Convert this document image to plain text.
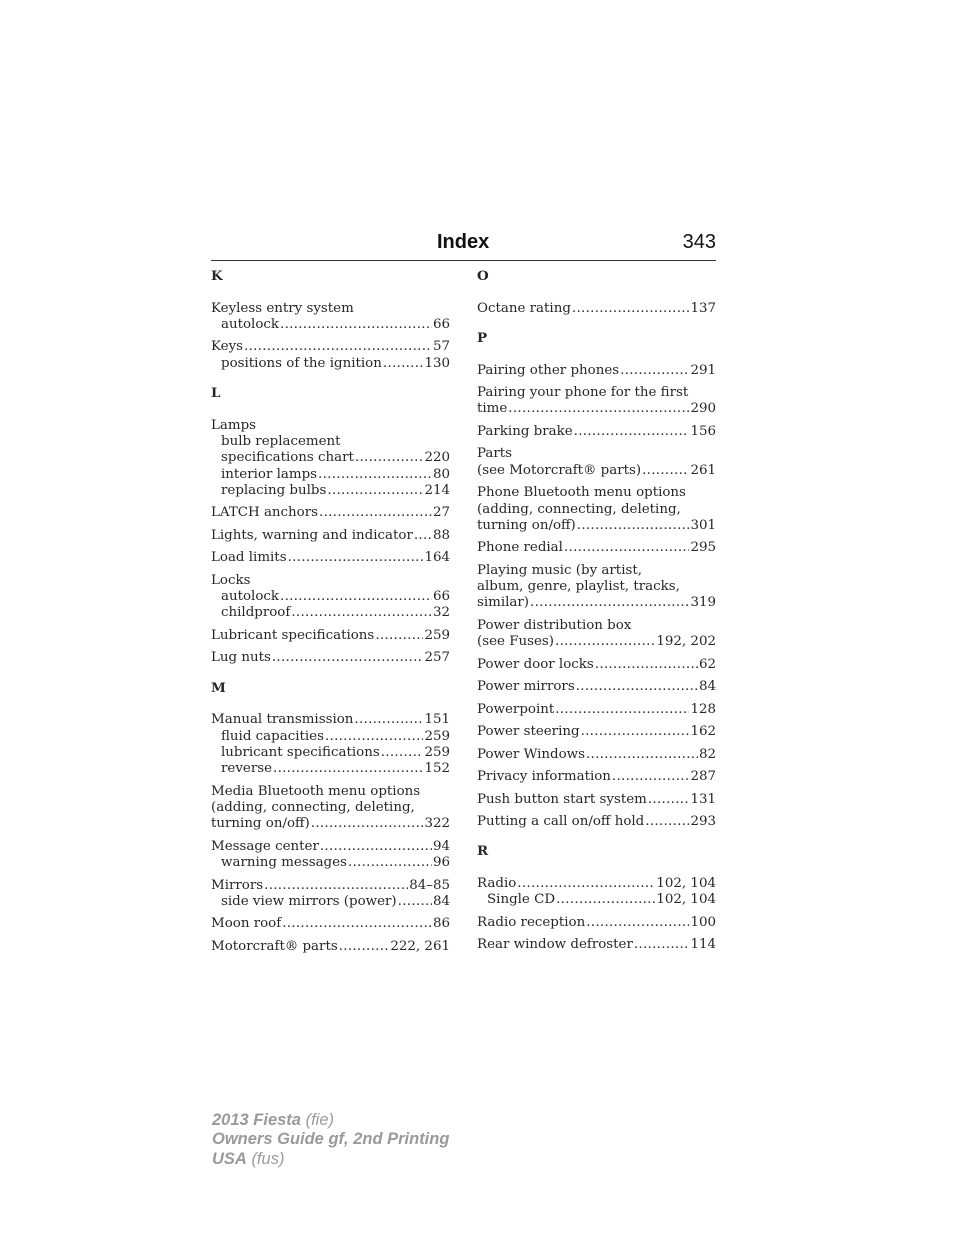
Index	343
K
Keyless entry system
autolock .....	66
Keys .....	57
positions of the ignition .....	130
L
Lamps
bulb replacement
specifications chart .....	220
interior lamps .....	80
replacing bulbs .....	214
LATCH anchors .....	27
Lights, warning and indicator ..... 88
Load limits .....	164
Locks
autolock .....	66
childproof .....	32
Lubricant specifications .....	259
Lug nuts .....	257
M
Manual transmission .....	151
fluid capacities .....	259
lubricant specifications .....	259
reverse .....	152
Media Bluetooth menu options
(adding, connecting, deleting,
turning on/off) .....	322
Message center .....	94
warning messages .....	96
Mirrors .....	84–85
side view mirrors (power) .....	84
Moon roof .....	86
Motorcraft® parts .....	222, 261
O
Octane rating .....	137
P
Pairing other phones .....	291
Pairing your phone for the first
time .....	290
Parking brake .....	156
Parts
(see Motorcraft® parts) .....	261
Phone Bluetooth menu options
(adding, connecting, deleting,
turning on/off) .....	301
Phone redial .....	295
Playing music (by artist,
album, genre, playlist, tracks,
similar) .....	319
Power distribution box
(see Fuses) .....	192, 202
Power door locks .....	62
Power mirrors .....	84
Powerpoint .....	128
Power steering .....	162
Power Windows .....	82
Privacy information .....	287
Push button start system .....	131
Putting a call on/off hold .....	293
R
Radio .....	102, 104
Single CD .....	102, 104
Radio reception .....	100
Rear window defroster .....	114
2013 Fiesta (fie)
Owners Guide gf, 2nd Printing
USA (fus)
